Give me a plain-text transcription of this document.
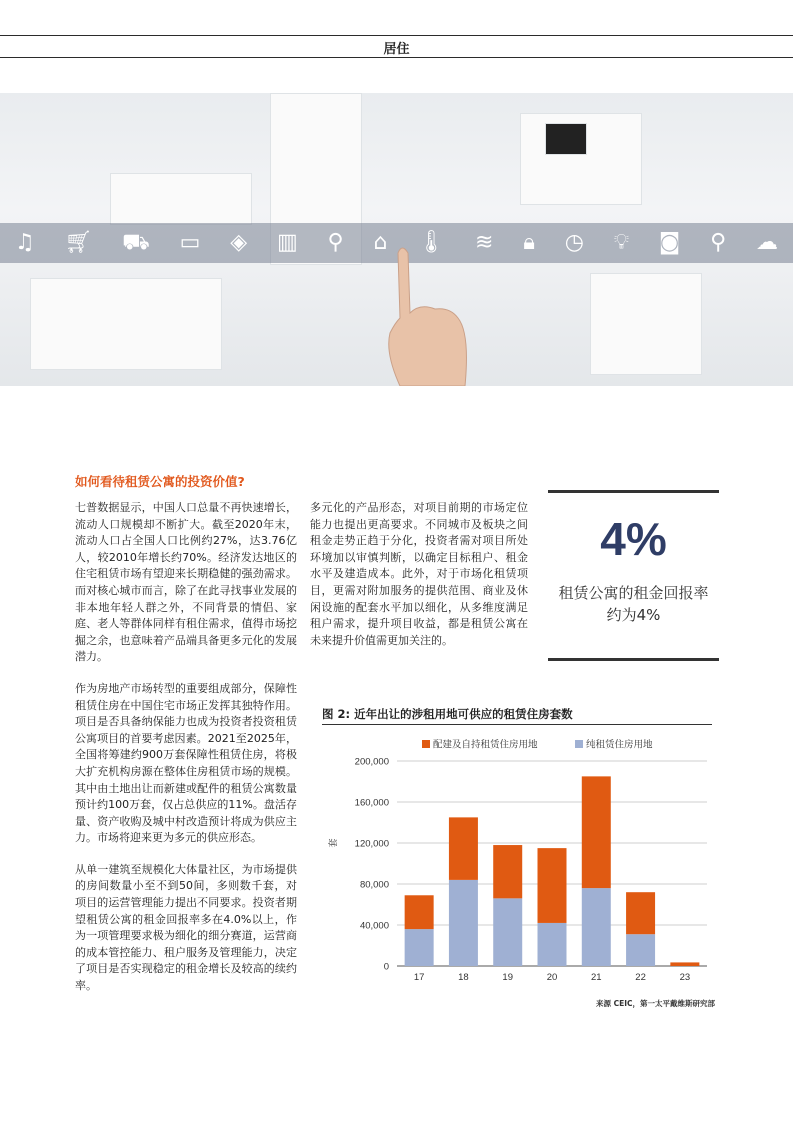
居住
♫ 🛒︎ ⛟ ▭ ◈ ▥ ⚲ ⌂ 🌡︎ ≋ 🔒︎ ◷ 💡︎ ◙ ⚲ ☁
如何看待租赁公寓的投资价值?

七普数据显示，中国人口总量不再快速增长，流动人口规模却不断扩大。截至2020年末，流动人口占全国人口比例约27%，达3.76亿人，较2010年增长约70%。经济发达地区的住宅租赁市场有望迎来长期稳健的强劲需求。而对核心城市而言，除了在此寻找事业发展的非本地年轻人群之外，不同背景的情侣、家庭、老人等群体同样有租住需求，值得市场挖掘之余，也意味着产品端具备更多元化的发展潜力。

作为房地产市场转型的重要组成部分，保障性租赁住房在中国住宅市场正发挥其独特作用。项目是否具备纳保能力也成为投资者投资租赁公寓项目的首要考虑因素。2021至2025年，全国将筹建约900万套保障性租赁住房，将极大扩充机构房源在整体住房租赁市场的规模。其中由土地出让而新建或配件的租赁公寓数量预计约100万套，仅占总供应的11%。盘活存量、资产收购及城中村改造预计将成为供应主力。市场将迎来更为多元的供应形态。

从单一建筑至规模化大体量社区，为市场提供的房间数量小至不到50间，多则数千套，对项目的运营管理能力提出不同要求。投资者期望租赁公寓的租金回报率多在4.0%以上，作为一项管理要求极为细化的细分赛道，运营商的成本管控能力、租户服务及管理能力，决定了项目是否实现稳定的租金增长及较高的续约率。

多元化的产品形态，对项目前期的市场定位能力也提出更高要求。不同城市及板块之间租金走势正趋于分化，投资者需对项目所处环境加以审慎判断，以确定目标租户、租金水平及建造成本。此外，对于市场化租赁项目，更需对附加服务的提供范围、商业及休闲设施的配套水平加以细化，从多维度满足租户需求，提升项目收益，都是租赁公寓在未来提升价值需更加关注的。

4%
租赁公寓的租金回报率约为4%
图 2: 近年出让的涉租用地可供应的租赁住房套数
0
40,000
80,000
120,000
160,000
200,000
套
配建及自持租赁住房用地	纯租赁住房用地
17	18	19	20	21	22	23
来源 CEIC，第一太平戴维斯研究部
